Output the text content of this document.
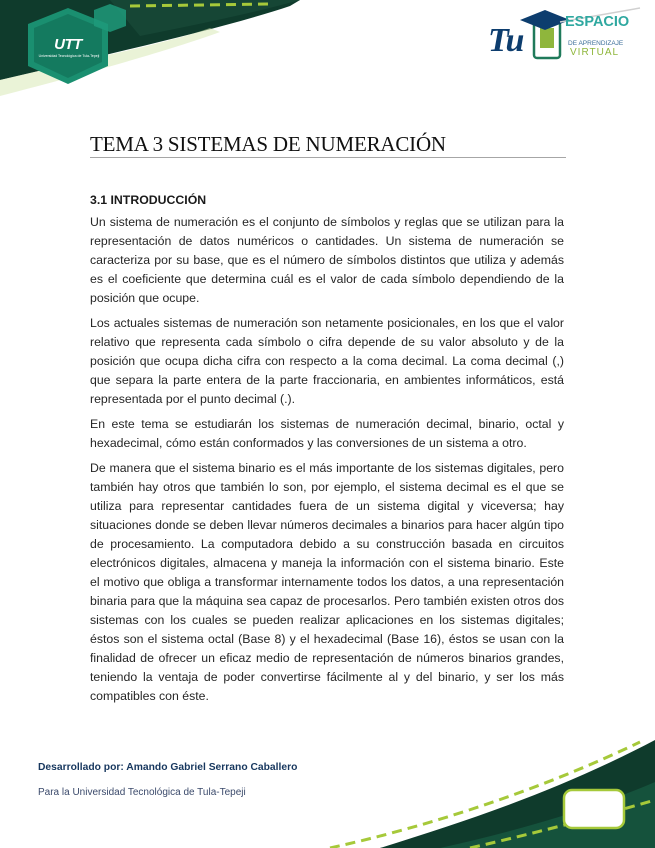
UTT
Universidad Tecnológica de Tula-Tepeji	Tu	ESPACIO
DE APRENDIZAJE
VIRTUAL
TEMA 3 SISTEMAS DE NUMERACIÓN
3.1 INTRODUCCIÓN

Un sistema de numeración es el conjunto de símbolos y reglas que se utilizan para la representación de datos numéricos o cantidades. Un sistema de numeración se caracteriza por su base, que es el número de símbolos distintos que utiliza y además es el coeficiente que determina cuál es el valor de cada símbolo dependiendo de la posición que ocupe.

Los actuales sistemas de numeración son netamente posicionales, en los que el valor relativo que representa cada símbolo o cifra depende de su valor absoluto y de la posición que ocupa dicha cifra con respecto a la coma decimal. La coma decimal (,) que separa la parte entera de la parte fraccionaria, en ambientes informáticos, está representada por el punto decimal (.).

En este tema se estudiarán los sistemas de numeración decimal, binario, octal y hexadecimal, cómo están conformados y las conversiones de un sistema a otro.

De manera que el sistema binario es el más importante de los sistemas digitales, pero también hay otros que también lo son, por ejemplo, el sistema decimal es el que se utiliza para representar cantidades fuera de un sistema digital y viceversa; hay situaciones donde se deben llevar números decimales a binarios para hacer algún tipo de procesamiento. La computadora debido a su construcción basada en circuitos electrónicos digitales, almacena y maneja la información con el sistema binario. Este el motivo que obliga a transformar internamente todos los datos, a una representación binaria para que la máquina sea capaz de procesarlos. Pero también existen otros dos sistemas con los cuales se pueden realizar aplicaciones en los sistemas digitales; éstos son el sistema octal (Base 8) y el hexadecimal (Base 16), éstos se usan con la finalidad de ofrecer un eficaz medio de representación de números binarios grandes, teniendo la ventaja de poder convertirse fácilmente al y del binario, y ser los más compatibles con éste.

Desarrollado por: Amando Gabriel Serrano Caballero
Para la Universidad Tecnológica de Tula-Tepeji
